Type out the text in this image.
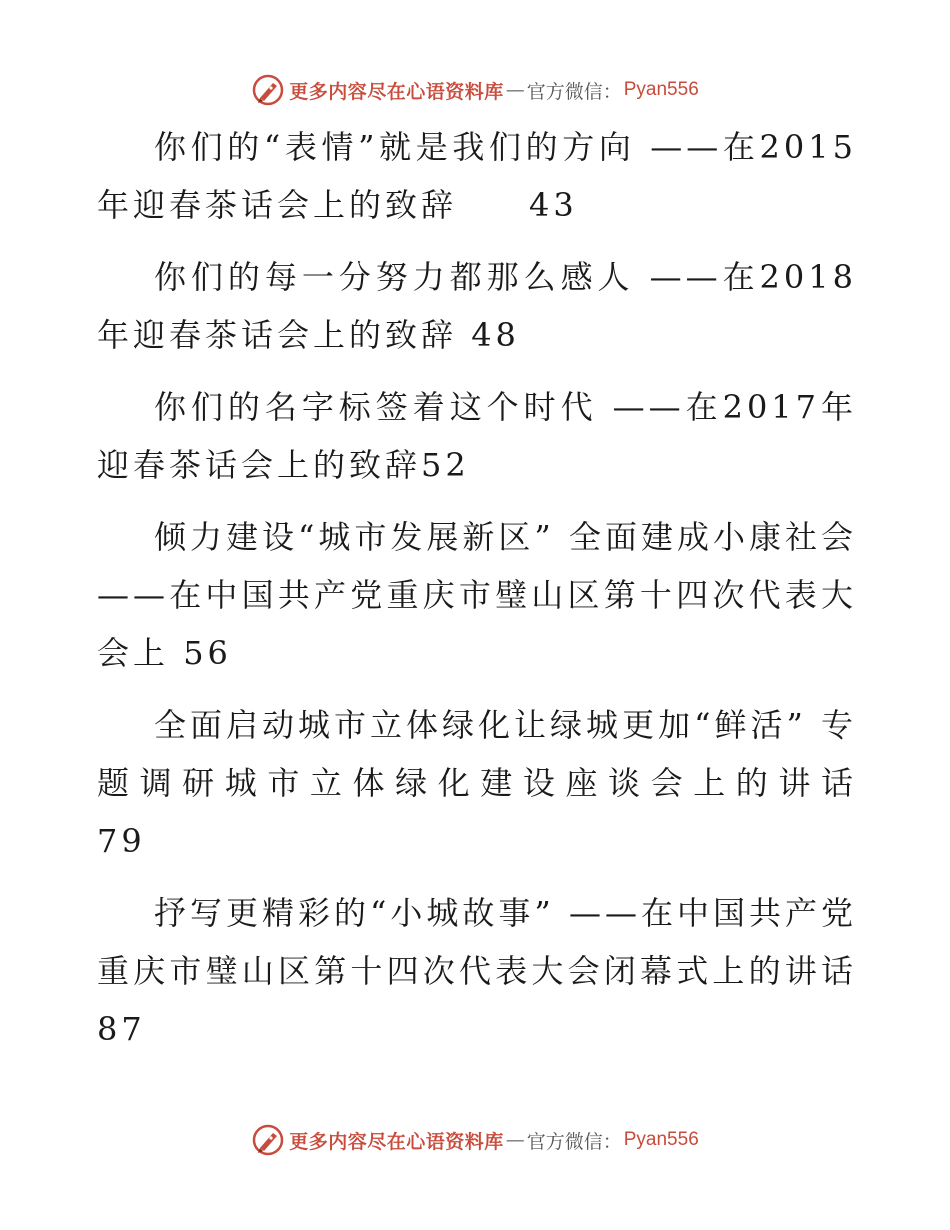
更多内容尽在心语资料库 — 官方微信： Pyan556

你们的“表情”就是我们的方向 ——在2015年迎春茶话会上的致辞　　 43

你们的每一分努力都那么感人 ——在2018年迎春茶话会上的致辞 48

你们的名字标签着这个时代 ——在2017年迎春茶话会上的致辞52

倾力建设“城市发展新区” 全面建成小康社会 ——在中国共产党重庆市璧山区第十四次代表大会上 56

全面启动城市立体绿化让绿城更加“鲜活” 专题调研城市立体绿化建设座谈会上的讲话　　79

抒写更精彩的“小城故事” ——在中国共产党重庆市璧山区第十四次代表大会闭幕式上的讲话　　　87

更多内容尽在心语资料库 — 官方微信： Pyan556
